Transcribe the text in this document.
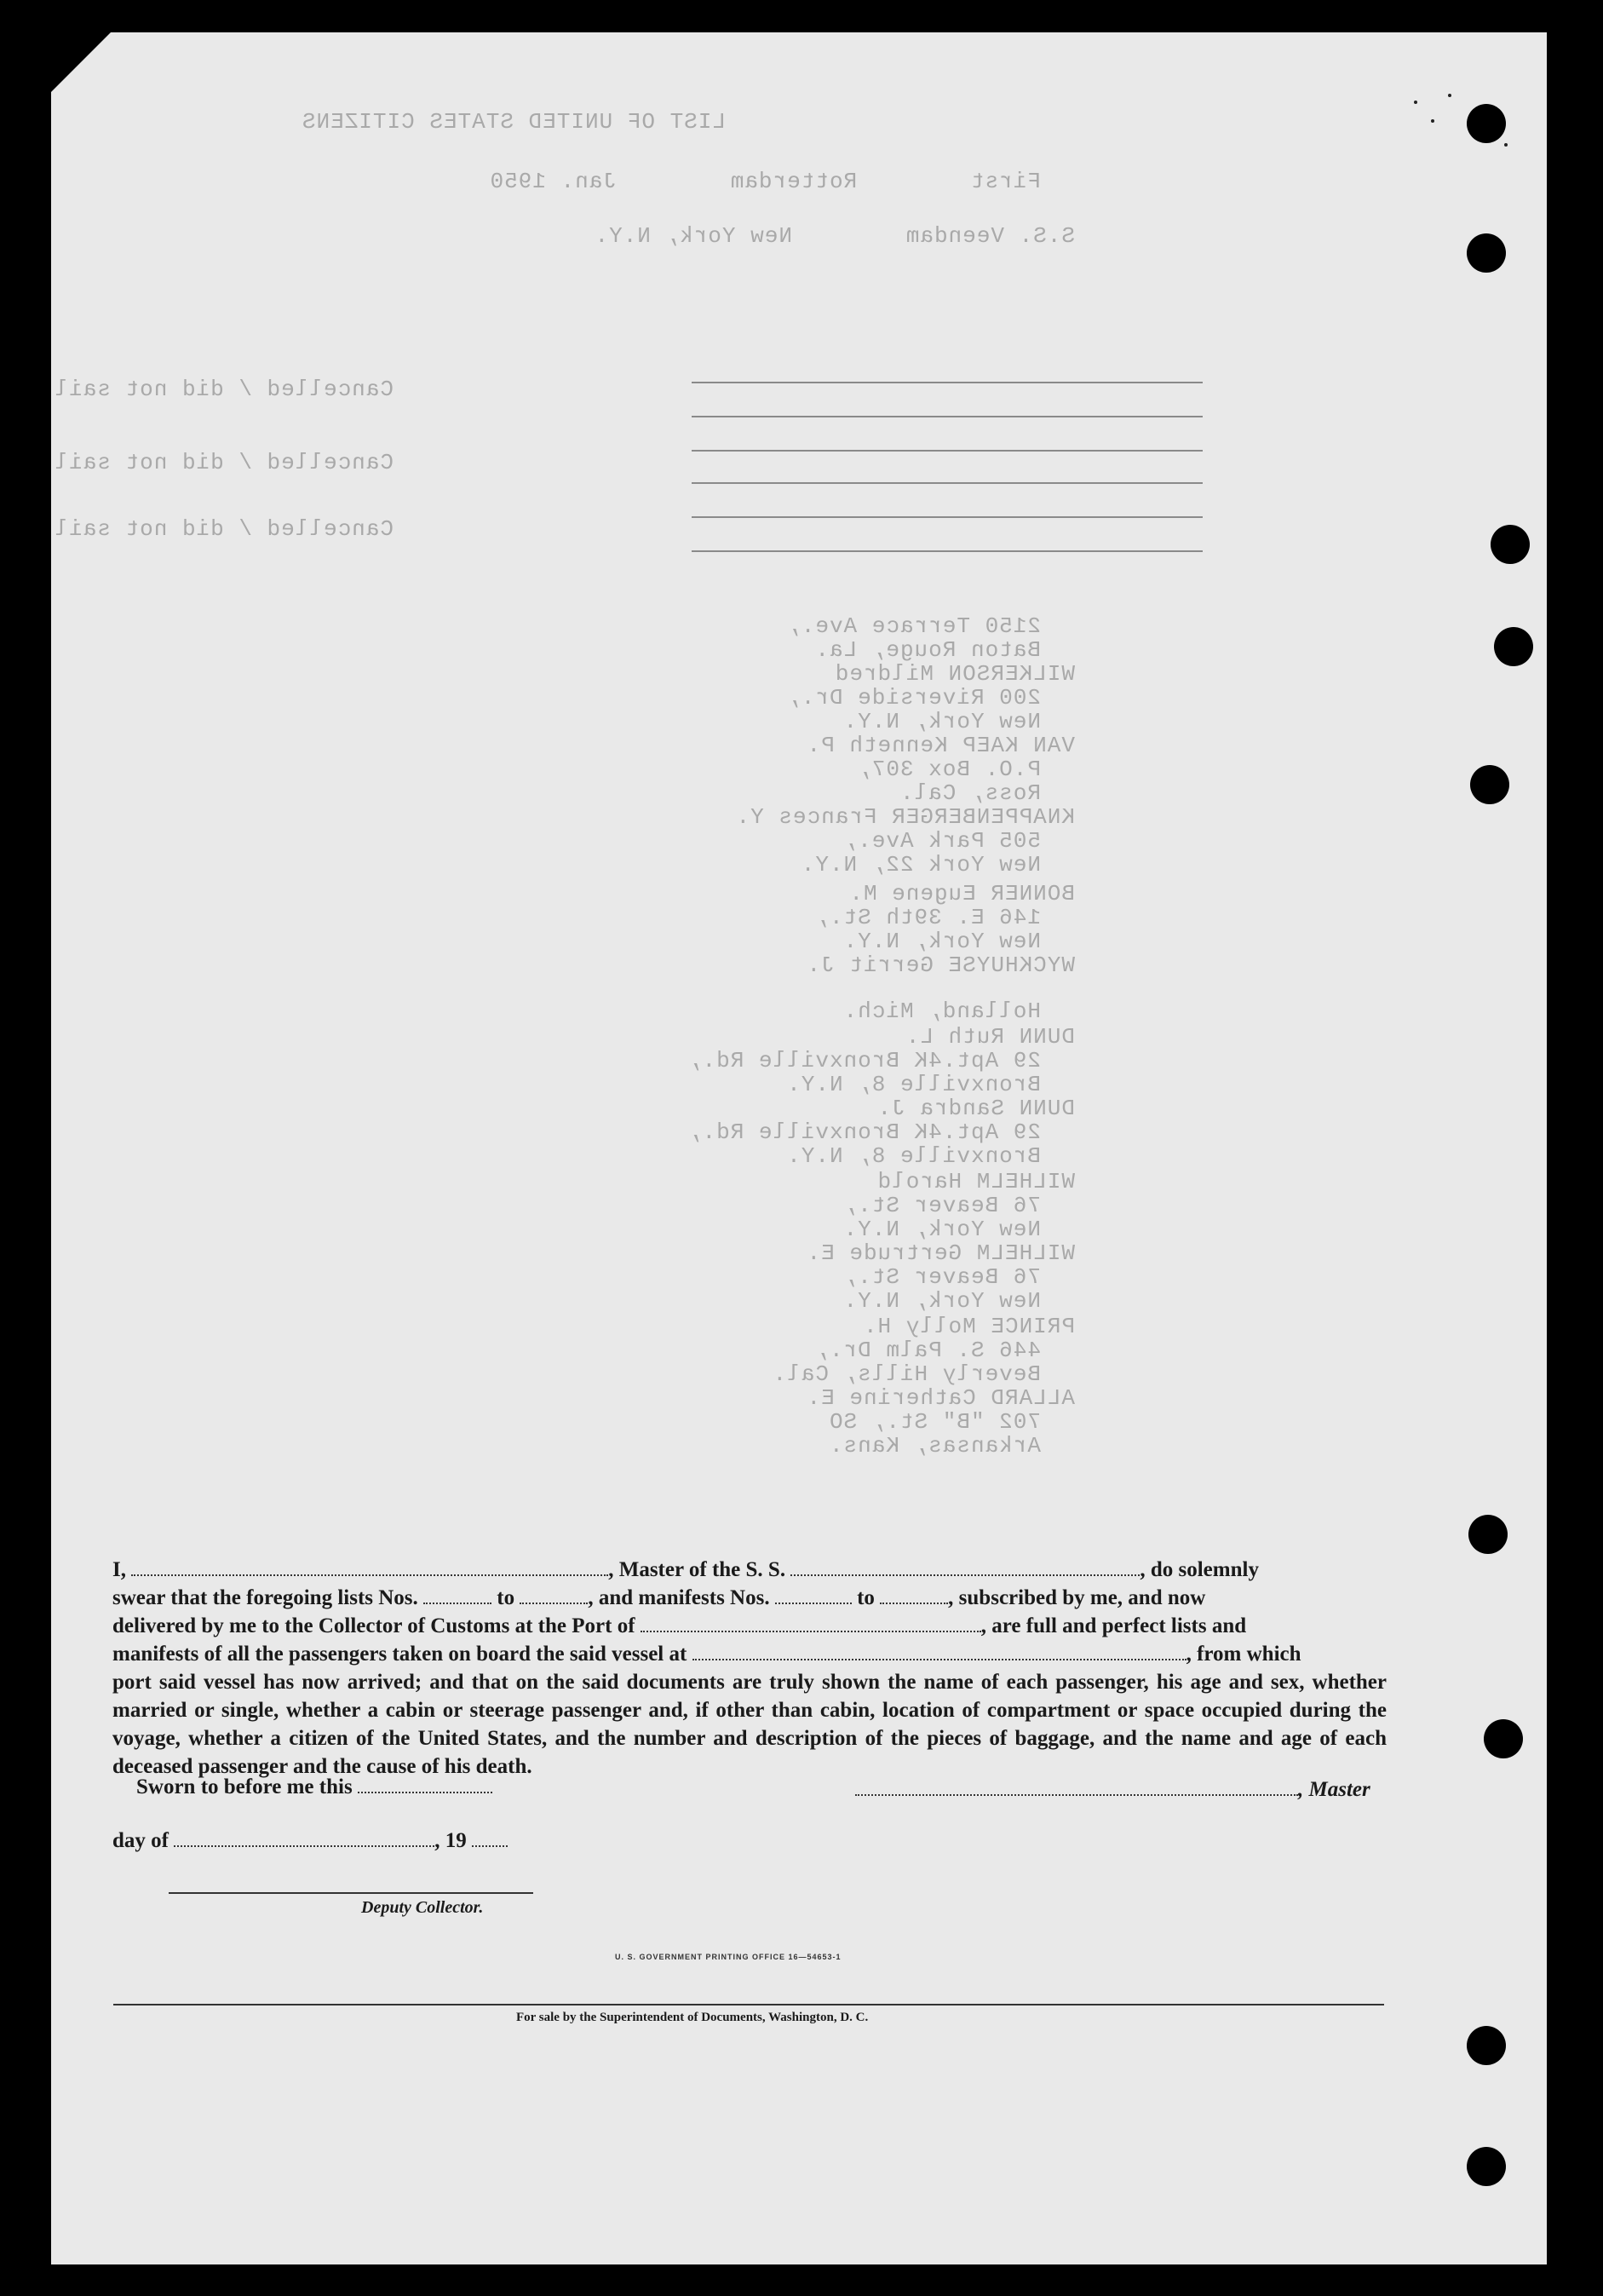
LIST OF UNITED STATES CITIZENS
First        Rotterdam        Jan. 1950
S.S. Veendam        New York, N.Y.
Cancelled / did not sail
Cancelled / did not sail
Cancelled / did not sail
2150 Terrace Ave.,
Baton Rouge, La.
WILKERSON Mildred
200 Riverside Dr.,
New York, N.Y.
VAN KAEP Kenneth P.
P.O. Box 307,
Ross, Cal.
KNAPPENBERGER Frances Y.
505 Park Ave.,
New York 22, N.Y.
BONNER Eugene M.
146 E. 39th St.,
New York, N.Y.
WYCKHUYSE Gerrit J.
Holland, Mich.
DUNN Ruth L.
29 Apt.4K Bronxville Rd.,
Bronxville 8, N.Y.
DUNN Sandra J.
29 Apt.4K Bronxville Rd.,
Bronxville 8, N.Y.
WILHELM Harold
76 Beaver St.,
New York, N.Y.
WILHELM Gertrude E.
76 Beaver St.,
New York, N.Y.
PRINCE Molly H.
446 S. Palm Dr.,
Beverly Hills, Cal.
ALLARD Catherine E.
702 "B" St., SO
Arkansas, Kans.

I,	, Master of the S. S.	, do solemnly

swear that the foregoing lists Nos.	to	, and manifests Nos.	to	, subscribed by me, and now

delivered by me to the Collector of Customs at the Port of	, are full and perfect lists and

manifests of all the passengers taken on board the said vessel at	, from which

port said vessel has now arrived; and that on the said documents are truly shown the name of each passenger, his age and sex, whether married or single, whether a cabin or steerage passenger and, if other than cabin, location of compartment or space occupied during the voyage, whether a citizen of the United States, and the number and description of the pieces of baggage, and the name and age of each deceased passenger and the cause of his death.

Sworn to before me this	, Master
day of	, 19
Deputy Collector.
U. S. GOVERNMENT PRINTING OFFICE 16—54653-1
For sale by the Superintendent of Documents, Washington, D. C.
